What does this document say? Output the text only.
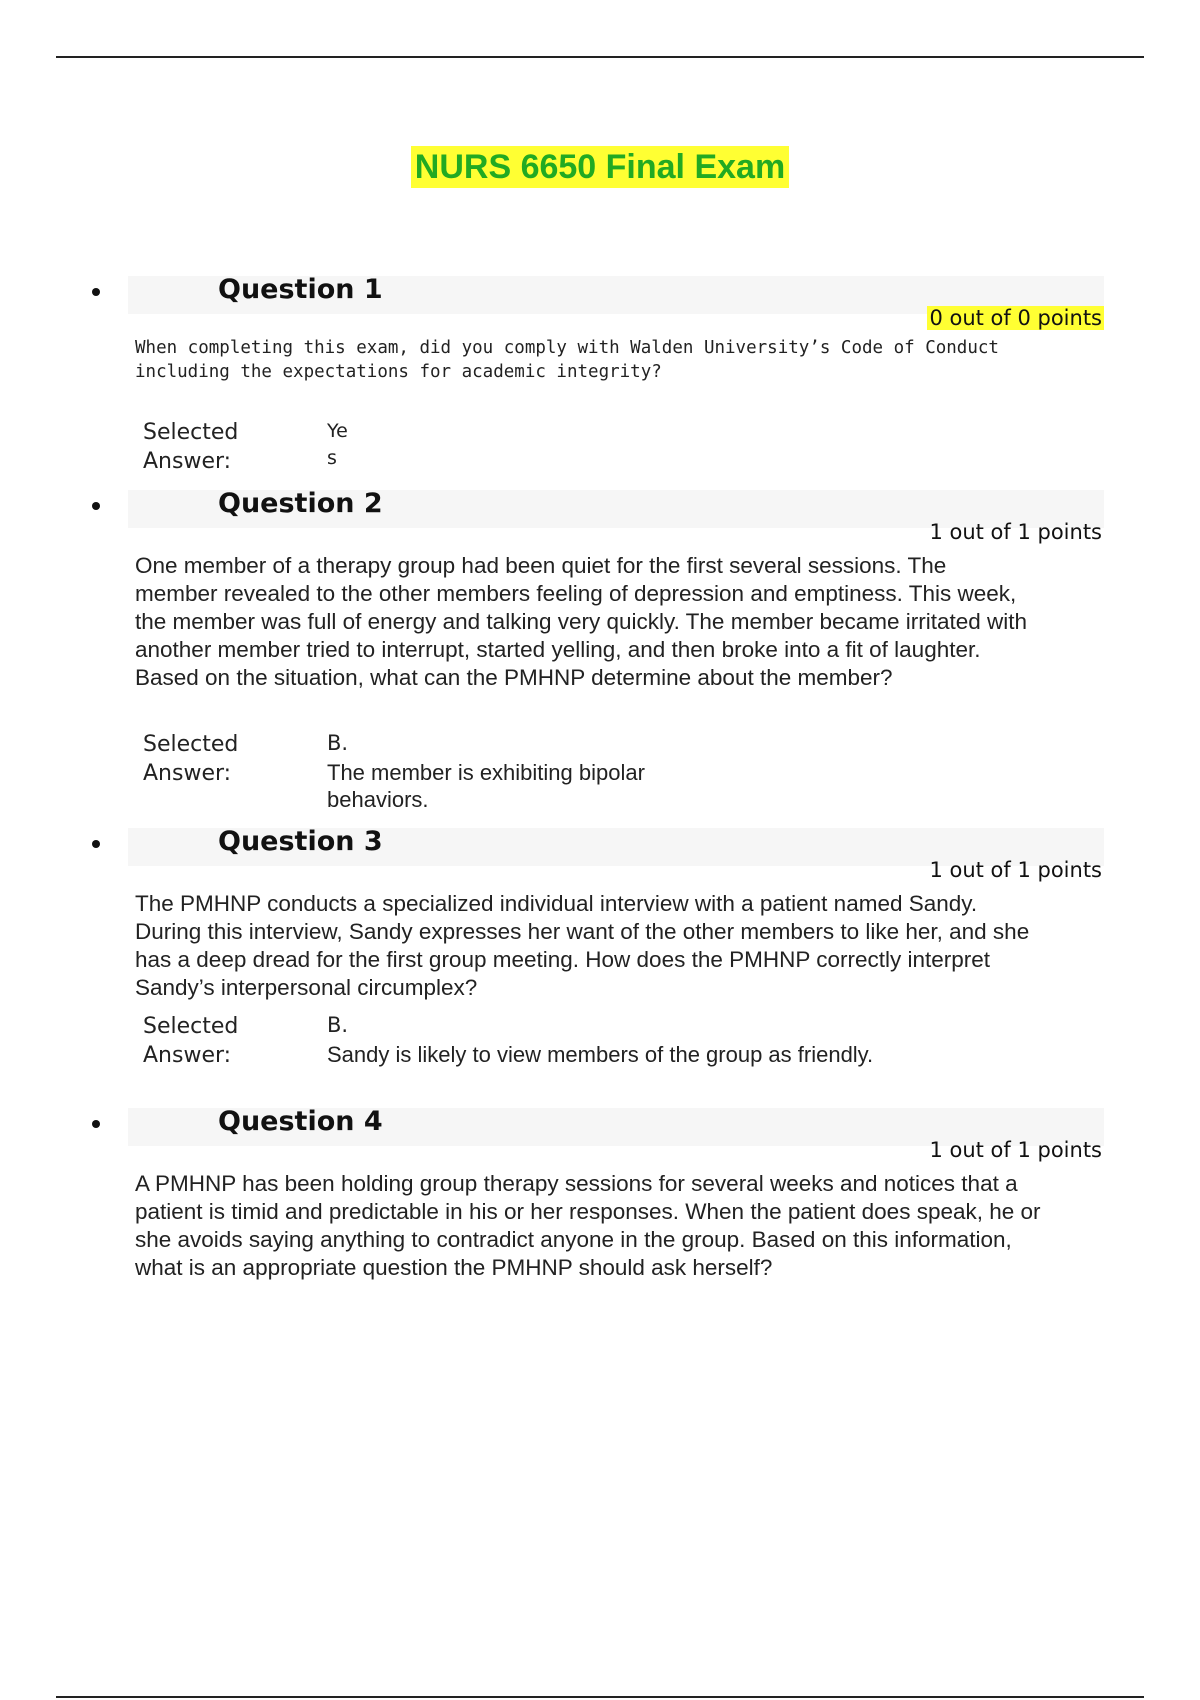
NURS 6650 Final Exam
Question 1
0 out of 0 points
When completing this exam, did you comply with Walden University’s Code of Conduct including the expectations for academic integrity?
Selected Answer:
Yes
Question 2
1 out of 1 points
One member of a therapy group had been quiet for the first several sessions. The member revealed to the other members feeling of depression and emptiness. This week, the member was full of energy and talking very quickly. The member became irritated with another member tried to interrupt, started yelling, and then broke into a fit of laughter. Based on the situation, what can the PMHNP determine about the member?
Selected Answer:
B.
The member is exhibiting bipolar behaviors.
Question 3
1 out of 1 points
The PMHNP conducts a specialized individual interview with a patient named Sandy. During this interview, Sandy expresses her want of the other members to like her, and she has a deep dread for the first group meeting. How does the PMHNP correctly interpret Sandy’s interpersonal circumplex?
Selected Answer:
B.
Sandy is likely to view members of the group as friendly.
Question 4
1 out of 1 points
A PMHNP has been holding group therapy sessions for several weeks and notices that a patient is timid and predictable in his or her responses. When the patient does speak, he or she avoids saying anything to contradict anyone in the group. Based on this information, what is an appropriate question the PMHNP should ask herself?
